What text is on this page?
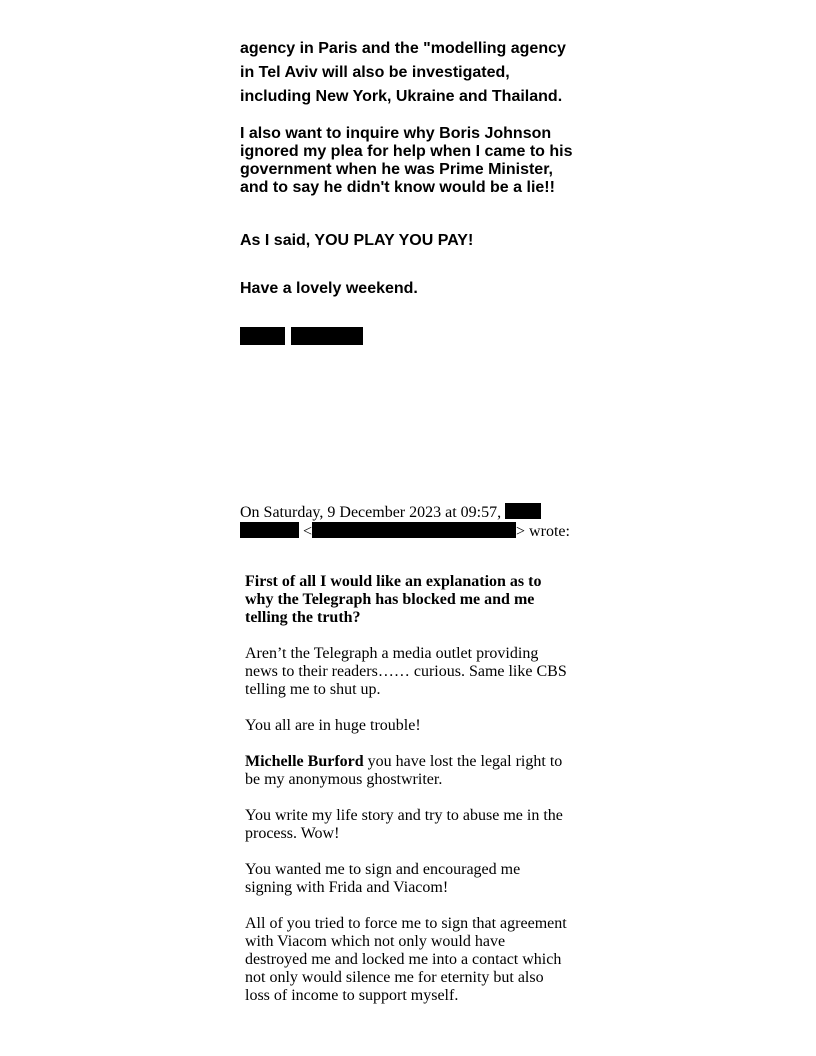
agency in Paris and the "modelling agency
in Tel Aviv will also be investigated,
including New York, Ukraine and Thailand.
I also want to inquire why Boris Johnson
ignored my plea for help when I came to his
government when he was Prime Minister,
and to say he didn't know would be a lie!!
As I said, YOU PLAY YOU PAY!
Have a lovely weekend.

On Saturday, 9 December 2023 at 09:57,
<	> wrote:
First of all I would like an explanation as to
why the Telegraph has blocked me and me
telling the truth?
Aren’t the Telegraph a media outlet providing
news to their readers…… curious. Same like CBS
telling me to shut up.
You all are in huge trouble!
Michelle Burford you have lost the legal right to
be my anonymous ghostwriter.
You write my life story and try to abuse me in the
process. Wow!
You wanted me to sign and encouraged me
signing with Frida and Viacom!
All of you tried to force me to sign that agreement
with Viacom which not only would have
destroyed me and locked me into a contact which
not only would silence me for eternity but also
loss of income to support myself.
